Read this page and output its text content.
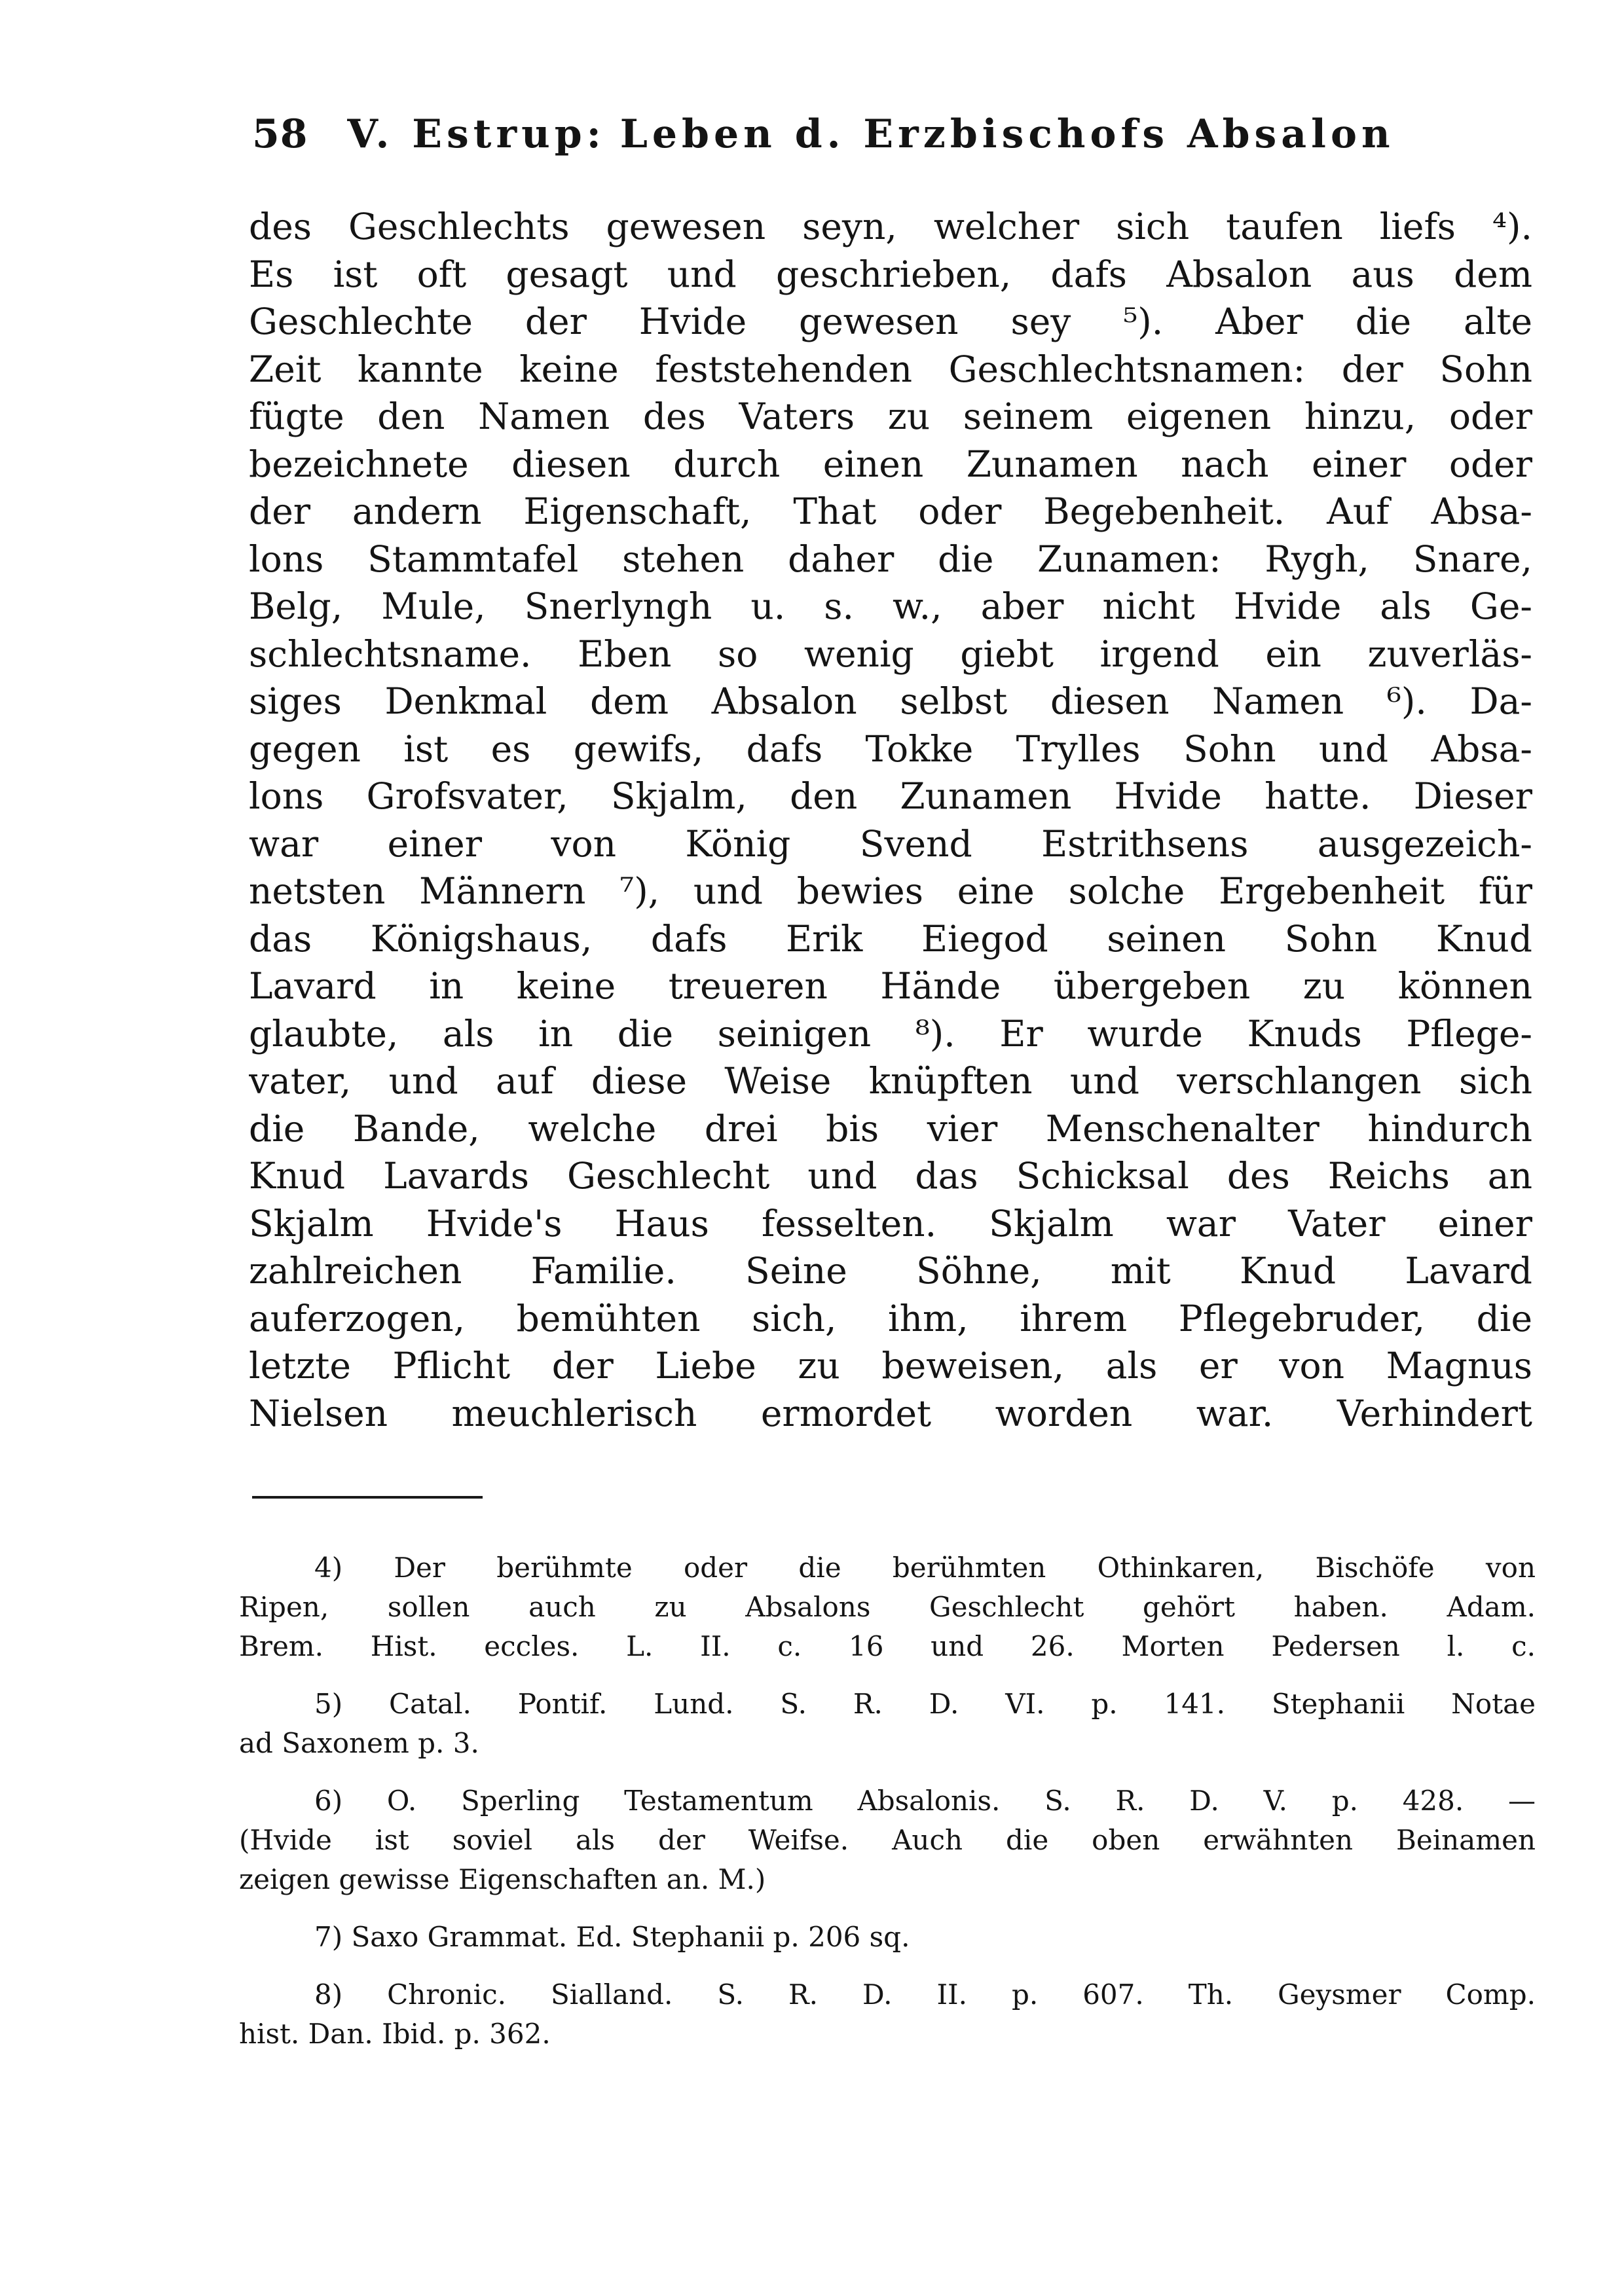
58 V. Estrup: Leben d. Erzbischofs Absalon
des Geschlechts gewesen seyn, welcher sich taufen liefs ⁴).
Es ist oft gesagt und geschrieben, dafs Absalon aus dem
Geschlechte der Hvide gewesen sey ⁵). Aber die alte
Zeit kannte keine feststehenden Geschlechtsnamen: der Sohn
fügte den Namen des Vaters zu seinem eigenen hinzu, oder
bezeichnete diesen durch einen Zunamen nach einer oder
der andern Eigenschaft, That oder Begebenheit. Auf Absa-
lons Stammtafel stehen daher die Zunamen: Rygh, Snare,
Belg, Mule, Snerlyngh u. s. w., aber nicht Hvide als Ge-
schlechtsname. Eben so wenig giebt irgend ein zuverläs-
siges Denkmal dem Absalon selbst diesen Namen ⁶). Da-
gegen ist es gewifs, dafs Tokke Trylles Sohn und Absa-
lons Grofsvater, Skjalm, den Zunamen Hvide hatte. Dieser
war einer von König Svend Estrithsens ausgezeich-
netsten Männern ⁷), und bewies eine solche Ergebenheit für
das Königshaus, dafs Erik Eiegod seinen Sohn Knud
Lavard in keine treueren Hände übergeben zu können
glaubte, als in die seinigen ⁸). Er wurde Knuds Pflege-
vater, und auf diese Weise knüpften und verschlangen sich
die Bande, welche drei bis vier Menschenalter hindurch
Knud Lavards Geschlecht und das Schicksal des Reichs an
Skjalm Hvide's Haus fesselten. Skjalm war Vater einer
zahlreichen Familie. Seine Söhne, mit Knud Lavard
auferzogen, bemühten sich, ihm, ihrem Pflegebruder, die
letzte Pflicht der Liebe zu beweisen, als er von Magnus
Nielsen meuchlerisch ermordet worden war. Verhindert
4) Der berühmte oder die berühmten Othinkaren, Bischöfe von
Ripen, sollen auch zu Absalons Geschlecht gehört haben. Adam.
Brem. Hist. eccles. L. II. c. 16 und 26. Morten Pedersen l. c.
5) Catal. Pontif. Lund. S. R. D. VI. p. 141. Stephanii Notae
ad Saxonem p. 3.
6) O. Sperling Testamentum Absalonis. S. R. D. V. p. 428. —
(Hvide ist soviel als der Weifse. Auch die oben erwähnten Beinamen
zeigen gewisse Eigenschaften an. M.)
7) Saxo Grammat. Ed. Stephanii p. 206 sq.
8) Chronic. Sialland. S. R. D. II. p. 607. Th. Geysmer Comp.
hist. Dan. Ibid. p. 362.
